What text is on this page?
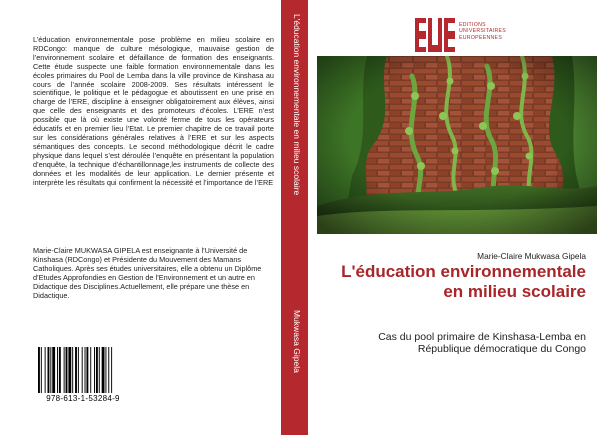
L’éducation environnementale pose problème en milieu scolaire en RDCongo: manque de culture mésologique, mauvaise gestion de l’environnement scolaire et défaillance de formation des enseignants. Cette étude suspecte une faible formation environnementale dans les écoles primaires du Pool de Lemba dans la ville province de Kinshasa au cours de l’année scolaire 2008-2009. Ses résultats intéressent le scientifique, le politique et le pédagogue et aboutissent en une prise en charge de l’ERE, discipline à enseigner obligatoirement aux élèves, ainsi que celle des enseignants et des promoteurs d’écoles. L’ERE n’est possible que là où existe une volonté ferme de tous les opérateurs éducatifs et en premier lieu l’Etat. Le premier chapitre de ce travail porte sur les considérations générales relatives à l’ERE et sur les aspects sémantiques des concepts. Le second méthodologique décrit le cadre physique dans lequel s’est déroulée l’enquête en présentant la population d’enquête, la technique d’échantillonnage,les instruments de collecte des données et les modalités de leur application. Le dernier présente et interprète les résultats qui confirment la nécessité et l’importance de l’ERE
Marie-Claire MUKWASA GIPELA est enseignante à l’Université de Kinshasa (RDCongo) et Présidente du Mouvement des Mamans Catholiques. Après ses études universitaires, elle a obtenu un Diplôme d’Etudes Approfondies en Gestion de l’Environnement et un autre en Didactique des Disciplines.Actuellement, elle prépare une thèse en Didactique.
978-613-1-53284-9
L'éducation environnementale en milieu scolaire
Mukwasa Gipela
EDITIONS
UNIVERSITAIRES
EUROPEENNES
Marie-Claire Mukwasa Gipela
L'éducation environnementale en milieu scolaire
Cas du pool primaire de Kinshasa-Lemba en République démocratique du Congo
